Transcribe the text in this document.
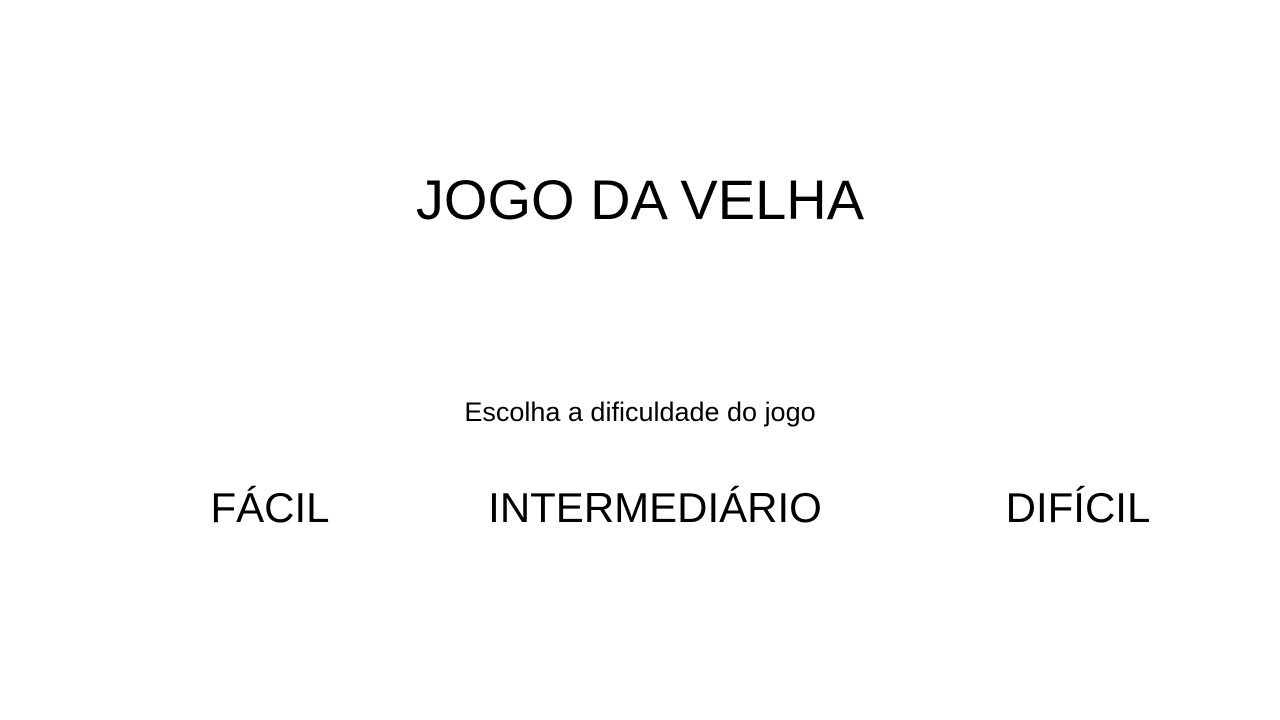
JOGO DA VELHA

Escolha a dificuldade do jogo

FÁCIL	INTERMEDIÁRIO	DIFÍCIL
